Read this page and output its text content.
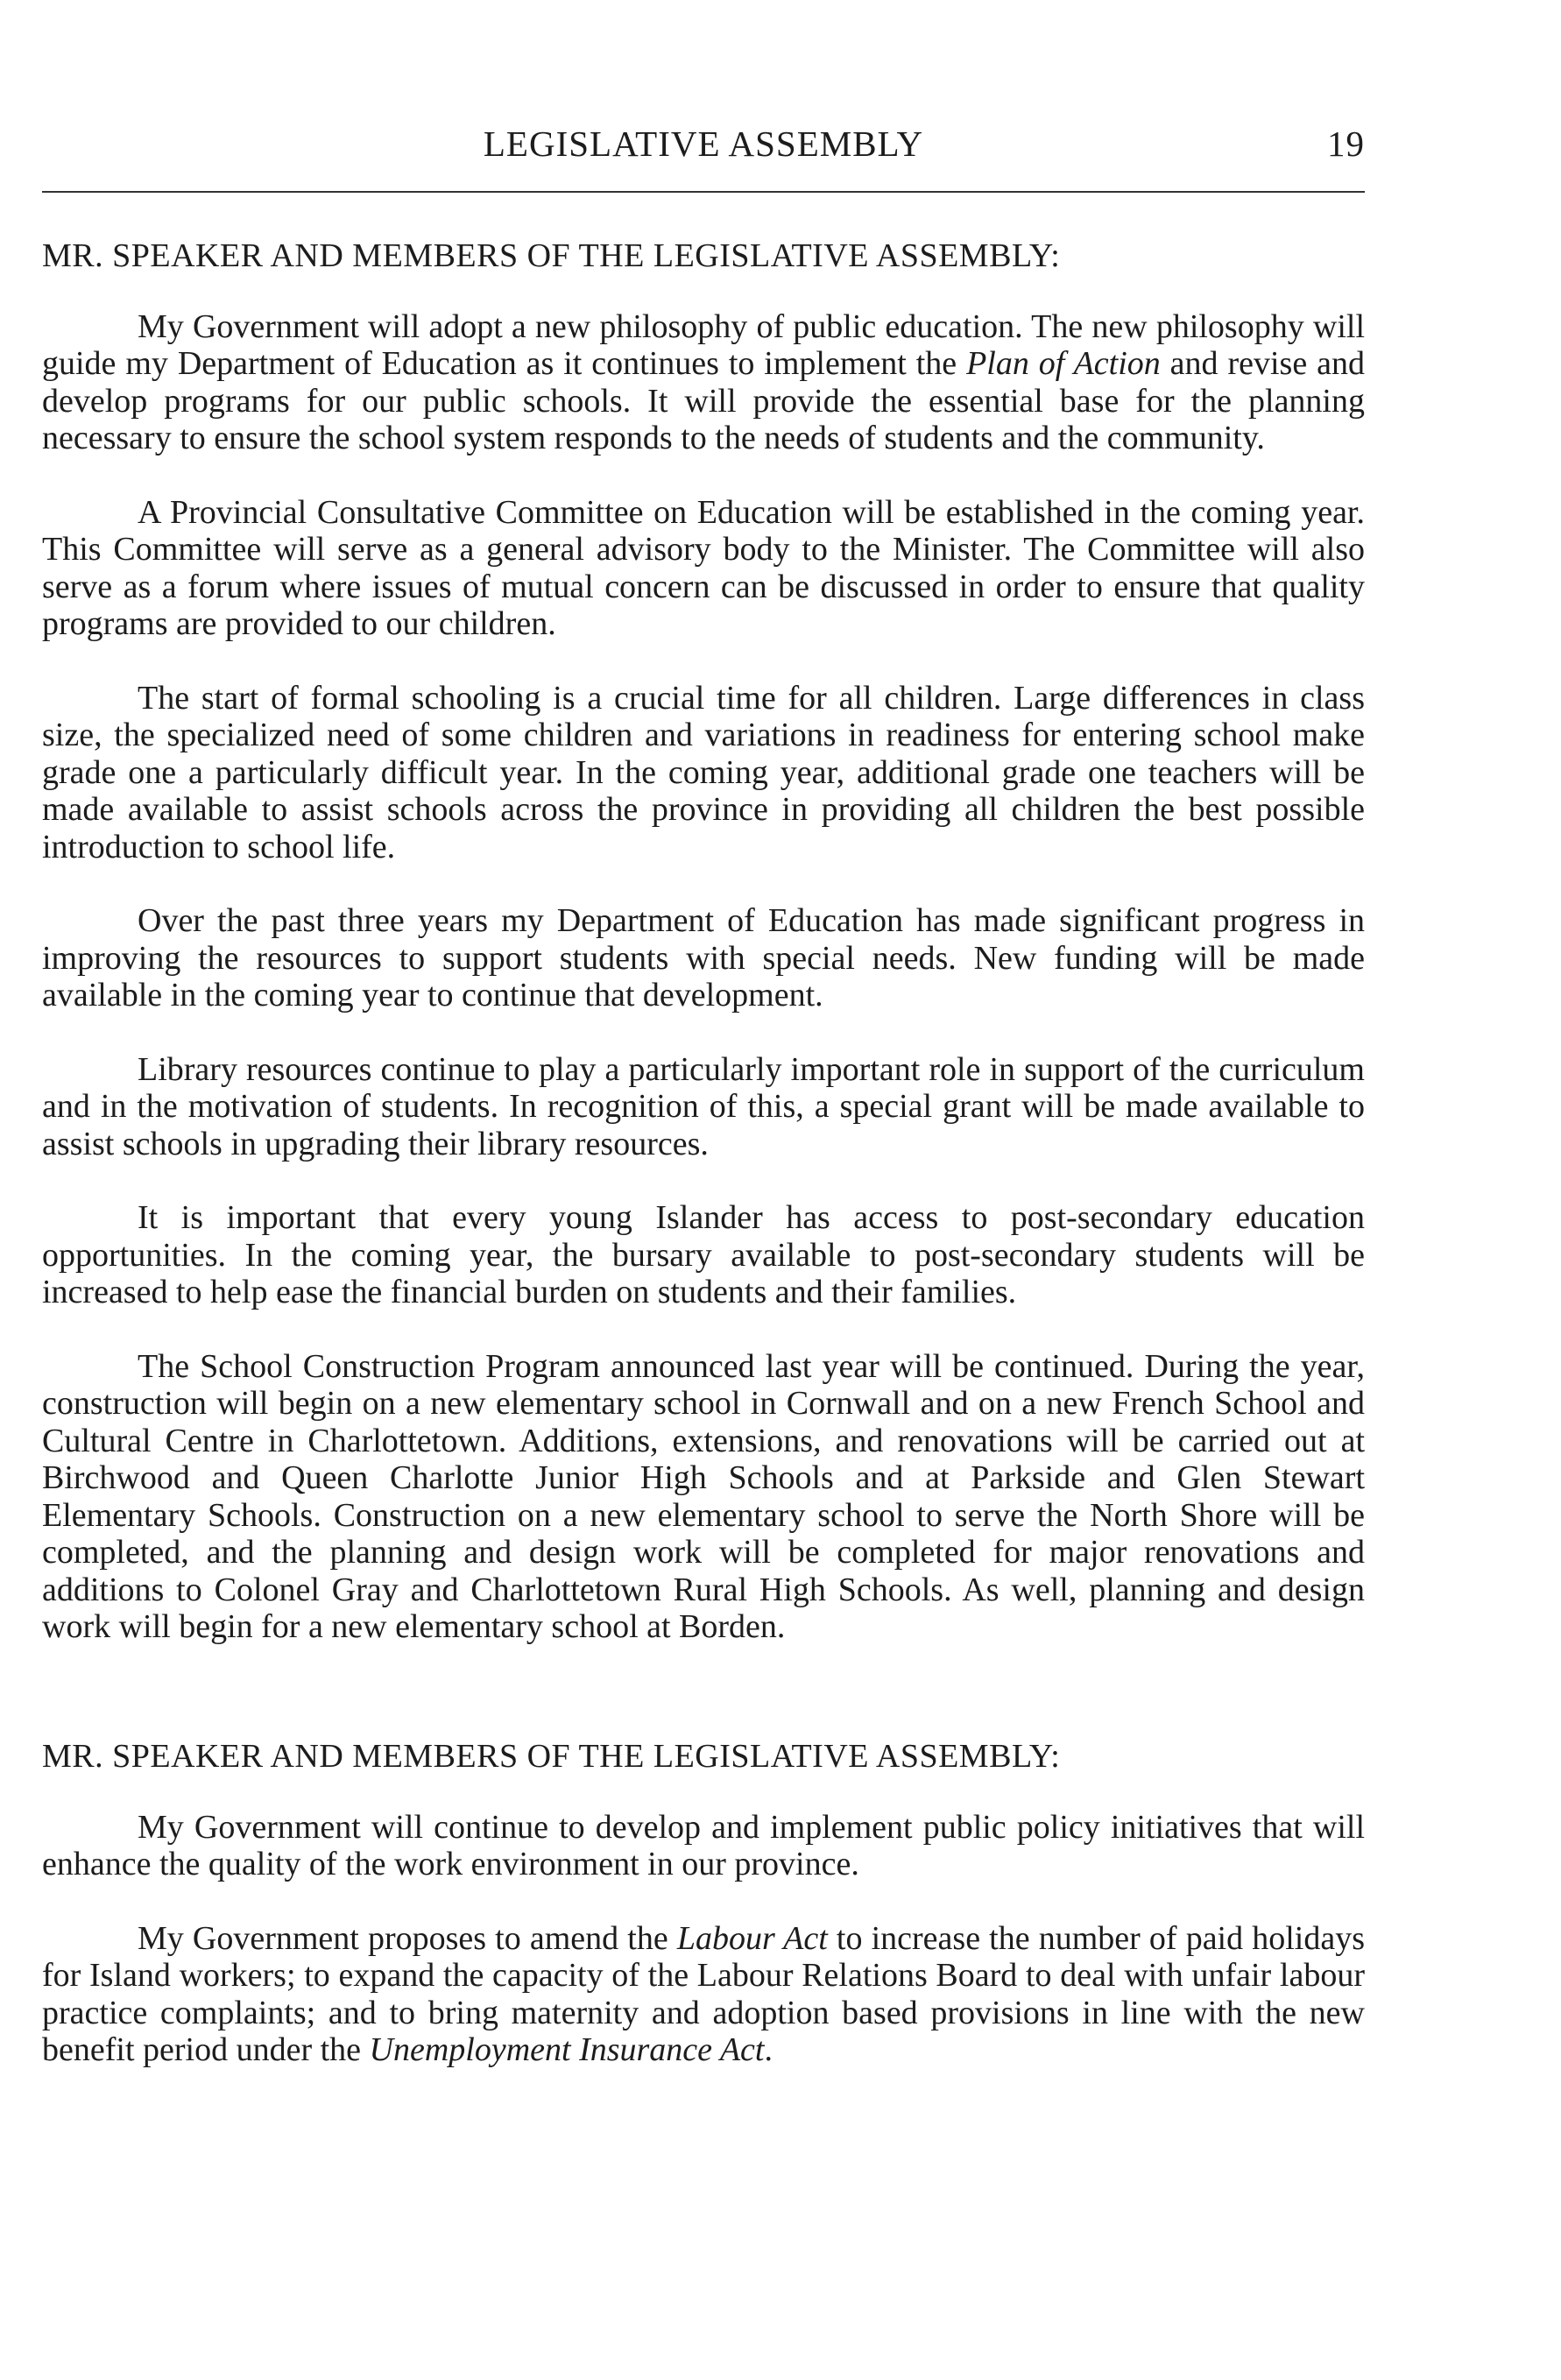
LEGISLATIVE ASSEMBLY	19
MR. SPEAKER AND MEMBERS OF THE LEGISLATIVE ASSEMBLY:

My Government will adopt a new philosophy of public education. The new philosophy will guide my Department of Education as it continues to implement the Plan of Action and revise and develop programs for our public schools. It will provide the essential base for the planning necessary to ensure the school system responds to the needs of students and the community.

A Provincial Consultative Committee on Education will be established in the coming year. This Committee will serve as a general advisory body to the Minister. The Committee will also serve as a forum where issues of mutual concern can be discussed in order to ensure that quality programs are provided to our children.

The start of formal schooling is a crucial time for all children. Large differences in class size, the specialized need of some children and variations in readiness for entering school make grade one a particularly difficult year. In the coming year, additional grade one teachers will be made available to assist schools across the province in providing all children the best possible introduction to school life.

Over the past three years my Department of Education has made significant progress in improving the resources to support students with special needs. New funding will be made available in the coming year to continue that development.

Library resources continue to play a particularly important role in support of the curriculum and in the motivation of students. In recognition of this, a special grant will be made available to assist schools in upgrading their library resources.

It is important that every young Islander has access to post-secondary education opportunities. In the coming year, the bursary available to post-secondary students will be increased to help ease the financial burden on students and their families.

The School Construction Program announced last year will be continued. During the year, construction will begin on a new elementary school in Cornwall and on a new French School and Cultural Centre in Charlottetown. Additions, extensions, and renovations will be carried out at Birchwood and Queen Charlotte Junior High Schools and at Parkside and Glen Stewart Elementary Schools. Construction on a new elementary school to serve the North Shore will be completed, and the planning and design work will be completed for major renovations and additions to Colonel Gray and Charlottetown Rural High Schools. As well, planning and design work will begin for a new elementary school at Borden.

MR. SPEAKER AND MEMBERS OF THE LEGISLATIVE ASSEMBLY:

My Government will continue to develop and implement public policy initiatives that will enhance the quality of the work environment in our province.

My Government proposes to amend the Labour Act to increase the number of paid holidays for Island workers; to expand the capacity of the Labour Relations Board to deal with unfair labour practice complaints; and to bring maternity and adoption based provisions in line with the new benefit period under the Unemployment Insurance Act.
